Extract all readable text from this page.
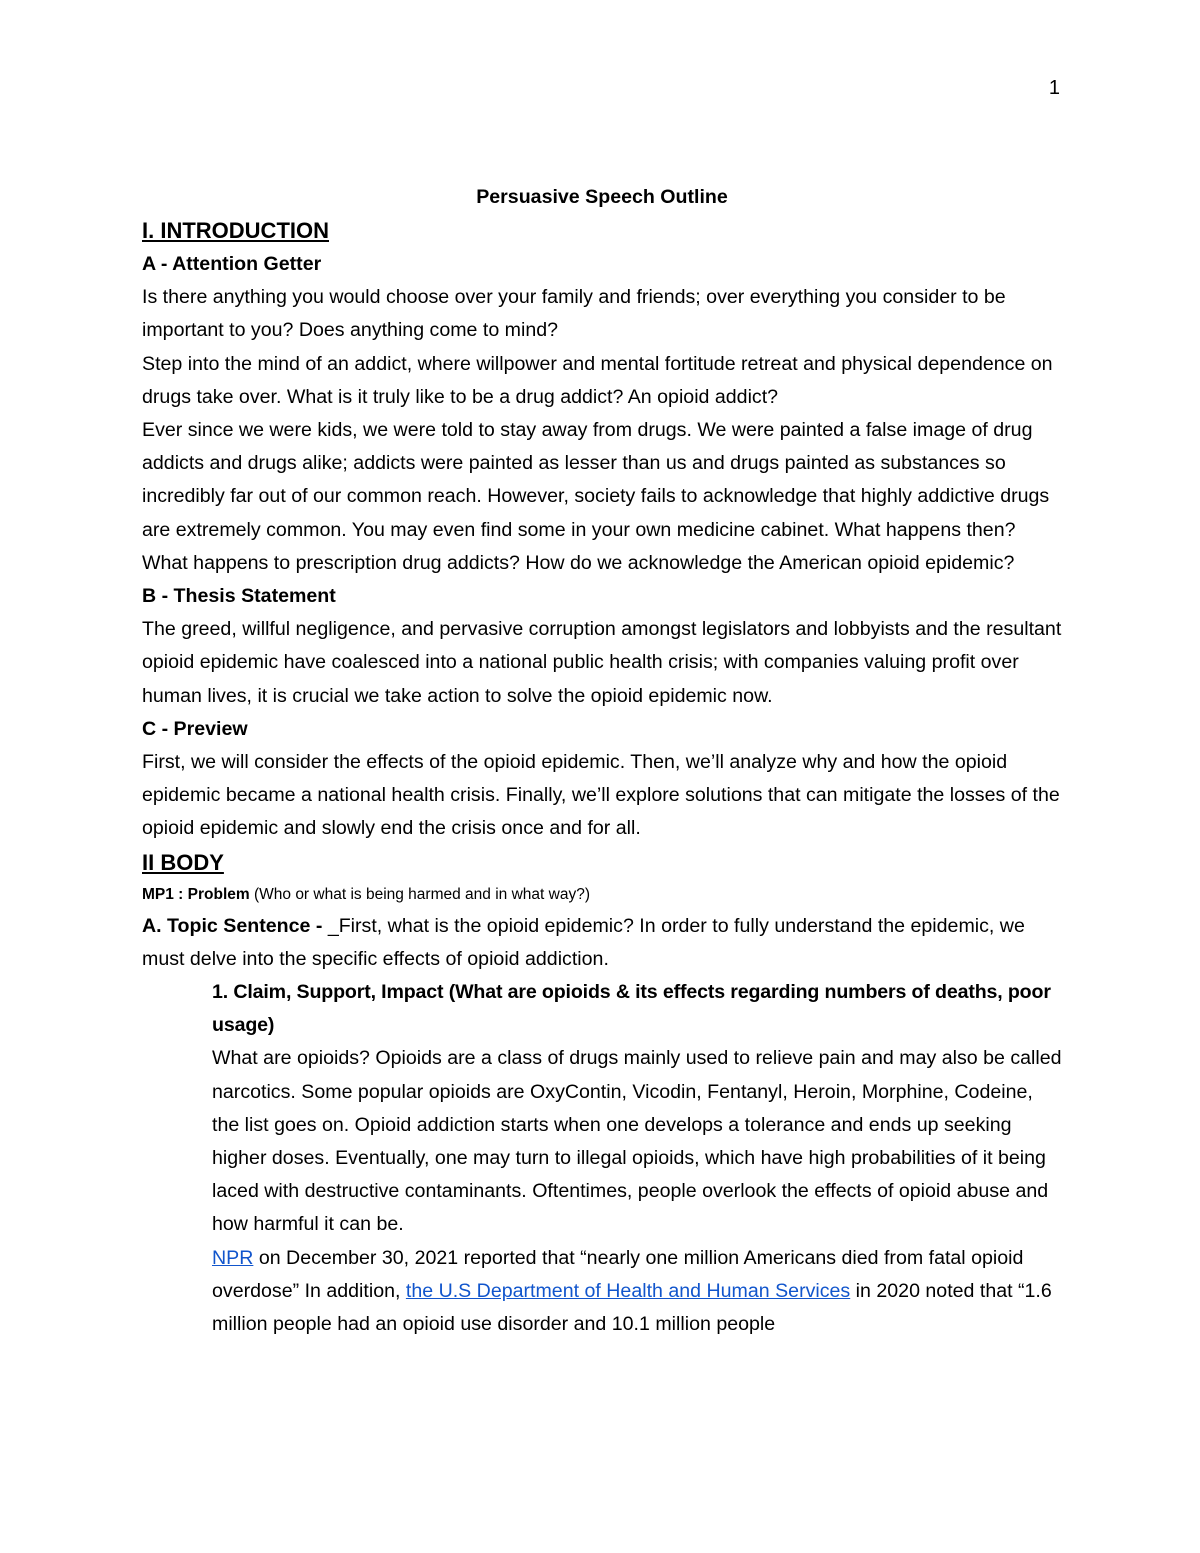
1

Persuasive Speech Outline

I. INTRODUCTION

A - Attention Getter

Is there anything you would choose over your family and friends; over everything you consider to be important to you? Does anything come to mind?

Step into the mind of an addict, where willpower and mental fortitude retreat and physical dependence on drugs take over. What is it truly like to be a drug addict? An opioid addict?

Ever since we were kids, we were told to stay away from drugs. We were painted a false image of drug addicts and drugs alike; addicts were painted as lesser than us and drugs painted as substances so incredibly far out of our common reach. However, society fails to acknowledge that highly addictive drugs are extremely common. You may even find some in your own medicine cabinet. What happens then? What happens to prescription drug addicts? How do we acknowledge the American opioid epidemic?

B - Thesis Statement

The greed, willful negligence, and pervasive corruption amongst legislators and lobbyists and the resultant opioid epidemic have coalesced into a national public health crisis; with companies valuing profit over human lives, it is crucial we take action to solve the opioid epidemic now.

C - Preview

First, we will consider the effects of the opioid epidemic. Then, we’ll analyze why and how the opioid epidemic became a national health crisis. Finally, we’ll explore solutions that can mitigate the losses of the opioid epidemic and slowly end the crisis once and for all.

II BODY

MP1 : Problem (Who or what is being harmed and in what way?)

A. Topic Sentence - _First, what is the opioid epidemic? In order to fully understand the epidemic, we must delve into the specific effects of opioid addiction.

1. Claim, Support, Impact (What are opioids & its effects regarding numbers of deaths, poor usage)

What are opioids? Opioids are a class of drugs mainly used to relieve pain and may also be called narcotics. Some popular opioids are OxyContin, Vicodin, Fentanyl, Heroin, Morphine, Codeine, the list goes on. Opioid addiction starts when one develops a tolerance and ends up seeking higher doses. Eventually, one may turn to illegal opioids, which have high probabilities of it being laced with destructive contaminants. Oftentimes, people overlook the effects of opioid abuse and how harmful it can be.

NPR on December 30, 2021 reported that “nearly one million Americans died from fatal opioid overdose” In addition, the U.S Department of Health and Human Services in 2020 noted that “1.6 million people had an opioid use disorder and 10.1 million people
